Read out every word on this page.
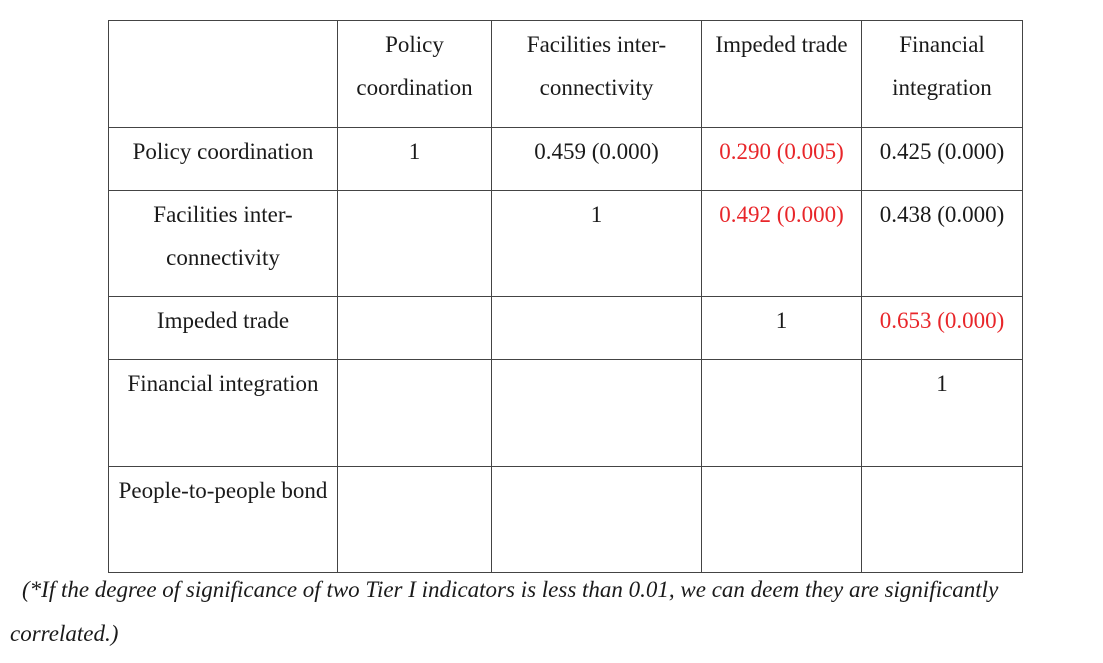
	Policy coordination	Facilities inter-connectivity	Impeded trade	Financial integration
Policy coordination	1	0.459 (0.000)	0.290 (0.005)	0.425 (0.000)
Facilities inter-connectivity		1	0.492 (0.000)	0.438 (0.000)
Impeded trade			1	0.653 (0.000)
Financial integration				1
People-to-people bond				
(*If the degree of significance of two Tier I indicators is less than 0.01, we can deem they are significantly correlated.)
